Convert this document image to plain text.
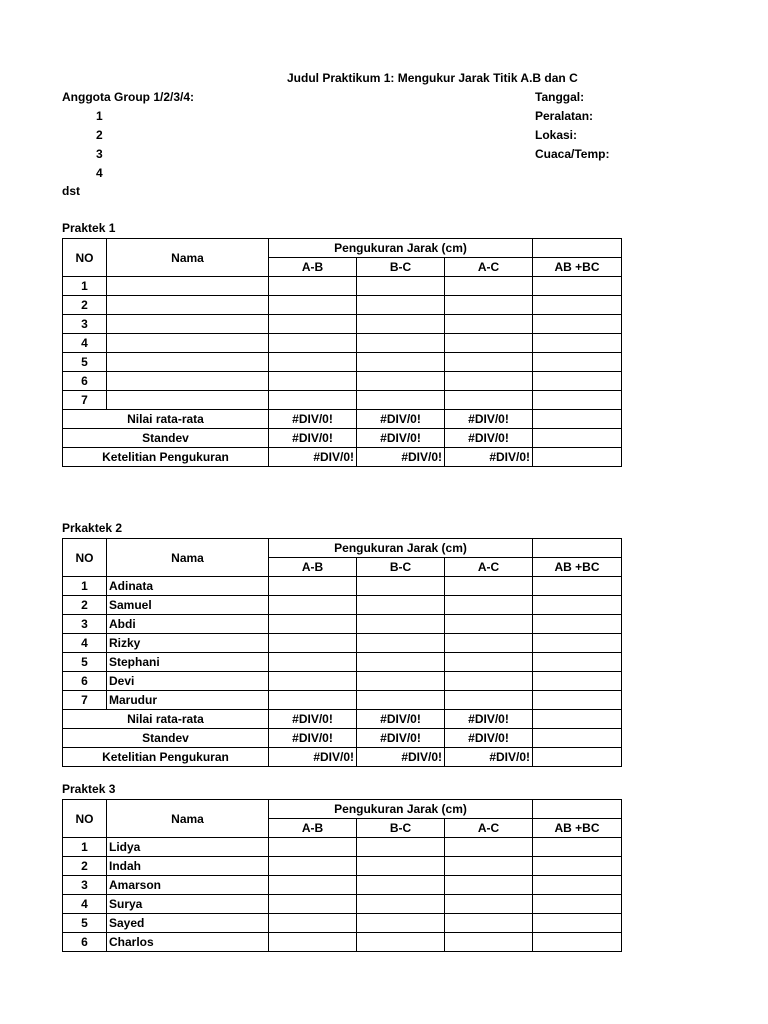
Judul Praktikum 1: Mengukur Jarak Titik A.B dan C
Anggota Group 1/2/3/4:
1
2
3
4
dst
Tanggal:
Peralatan:
Lokasi:
Cuaca/Temp:
Praktek 1
Prkaktek 2
Praktek 3
NO	Nama	Pengukuran Jarak (cm)			
		A-B	B-C	A-C	AB +BC
1					
2					
3					
4					
5					
6					
7					
Nilai rata-rata		#DIV/0!	#DIV/0!	#DIV/0!	
Standev		#DIV/0!	#DIV/0!	#DIV/0!	
Ketelitian Pengukuran		#DIV/0!	#DIV/0!	#DIV/0!	
NO	Nama	Pengukuran Jarak (cm)			
		A-B	B-C	A-C	AB +BC
1	Adinata				
2	Samuel				
3	Abdi				
4	Rizky				
5	Stephani				
6	Devi				
7	Marudur				
Nilai rata-rata		#DIV/0!	#DIV/0!	#DIV/0!	
Standev		#DIV/0!	#DIV/0!	#DIV/0!	
Ketelitian Pengukuran		#DIV/0!	#DIV/0!	#DIV/0!	
NO	Nama	Pengukuran Jarak (cm)			
		A-B	B-C	A-C	AB +BC
1	Lidya				
2	Indah				
3	Amarson				
4	Surya				
5	Sayed				
6	Charlos				
